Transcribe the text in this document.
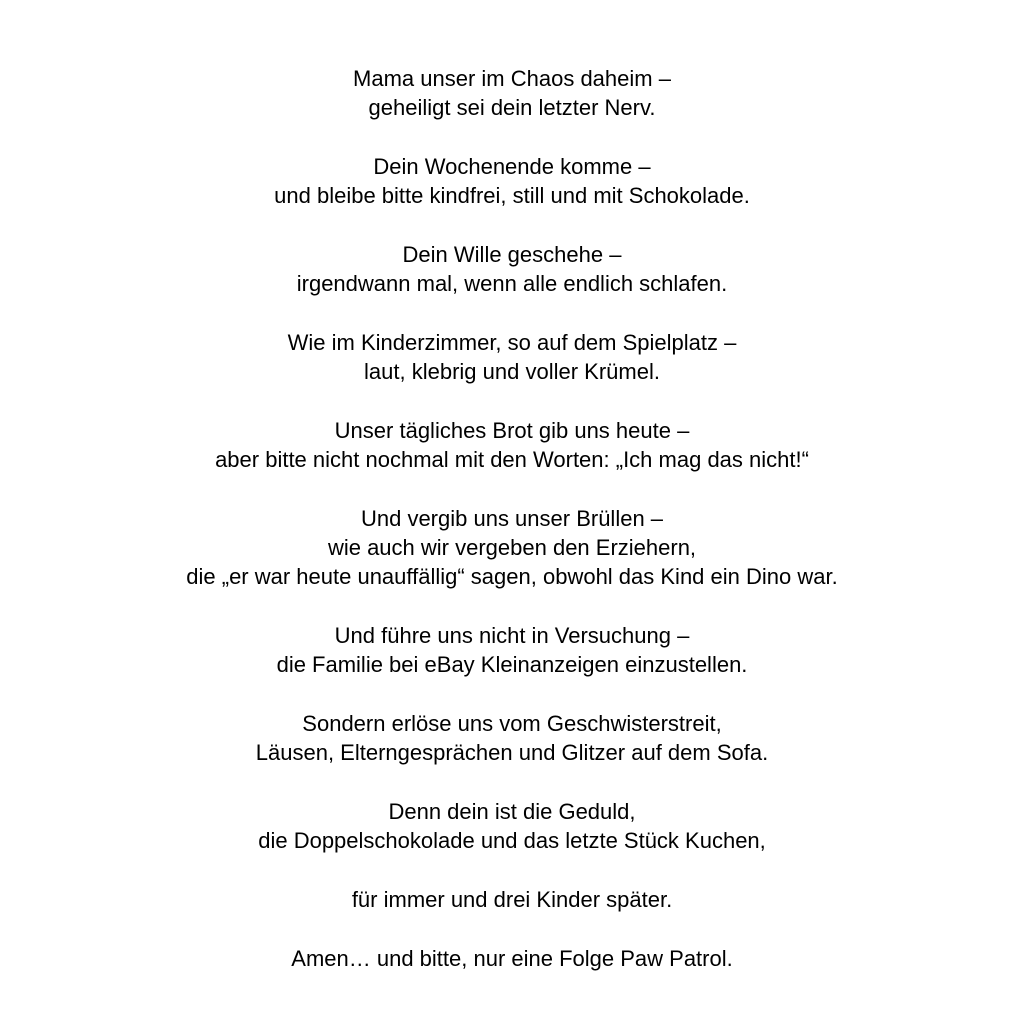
Mama unser im Chaos daheim –
geheiligt sei dein letzter Nerv.
Dein Wochenende komme –
und bleibe bitte kindfrei, still und mit Schokolade.
Dein Wille geschehe –
irgendwann mal, wenn alle endlich schlafen.
Wie im Kinderzimmer, so auf dem Spielplatz –
laut, klebrig und voller Krümel.
Unser tägliches Brot gib uns heute –
aber bitte nicht nochmal mit den Worten: „Ich mag das nicht!“
Und vergib uns unser Brüllen –
wie auch wir vergeben den Erziehern,
die „er war heute unauffällig“ sagen, obwohl das Kind ein Dino war.
Und führe uns nicht in Versuchung –
die Familie bei eBay Kleinanzeigen einzustellen.
Sondern erlöse uns vom Geschwisterstreit,
Läusen, Elterngesprächen und Glitzer auf dem Sofa.
Denn dein ist die Geduld,
die Doppelschokolade und das letzte Stück Kuchen,
für immer und drei Kinder später.
Amen… und bitte, nur eine Folge Paw Patrol.
